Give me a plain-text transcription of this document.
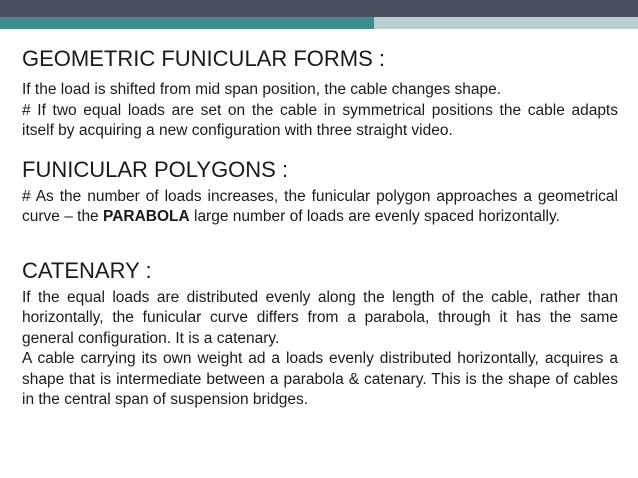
GEOMETRIC FUNICULAR FORMS :

If the load is shifted from mid span position, the cable changes shape.

# If two equal loads are set on the cable in symmetrical positions the cable adapts itself by acquiring a new configuration with three straight video.

FUNICULAR POLYGONS :

# As the number of loads increases, the funicular polygon approaches a geometrical curve – the PARABOLA large number of loads are evenly spaced horizontally.

CATENARY :

If the equal loads are distributed evenly along the length of the cable, rather than horizontally, the funicular curve differs from a parabola, through it has the same general configuration. It is a catenary.

A cable carrying its own weight ad a loads evenly distributed horizontally, acquires a shape that is intermediate between a parabola & catenary. This is the shape of cables in the central span of suspension bridges.
